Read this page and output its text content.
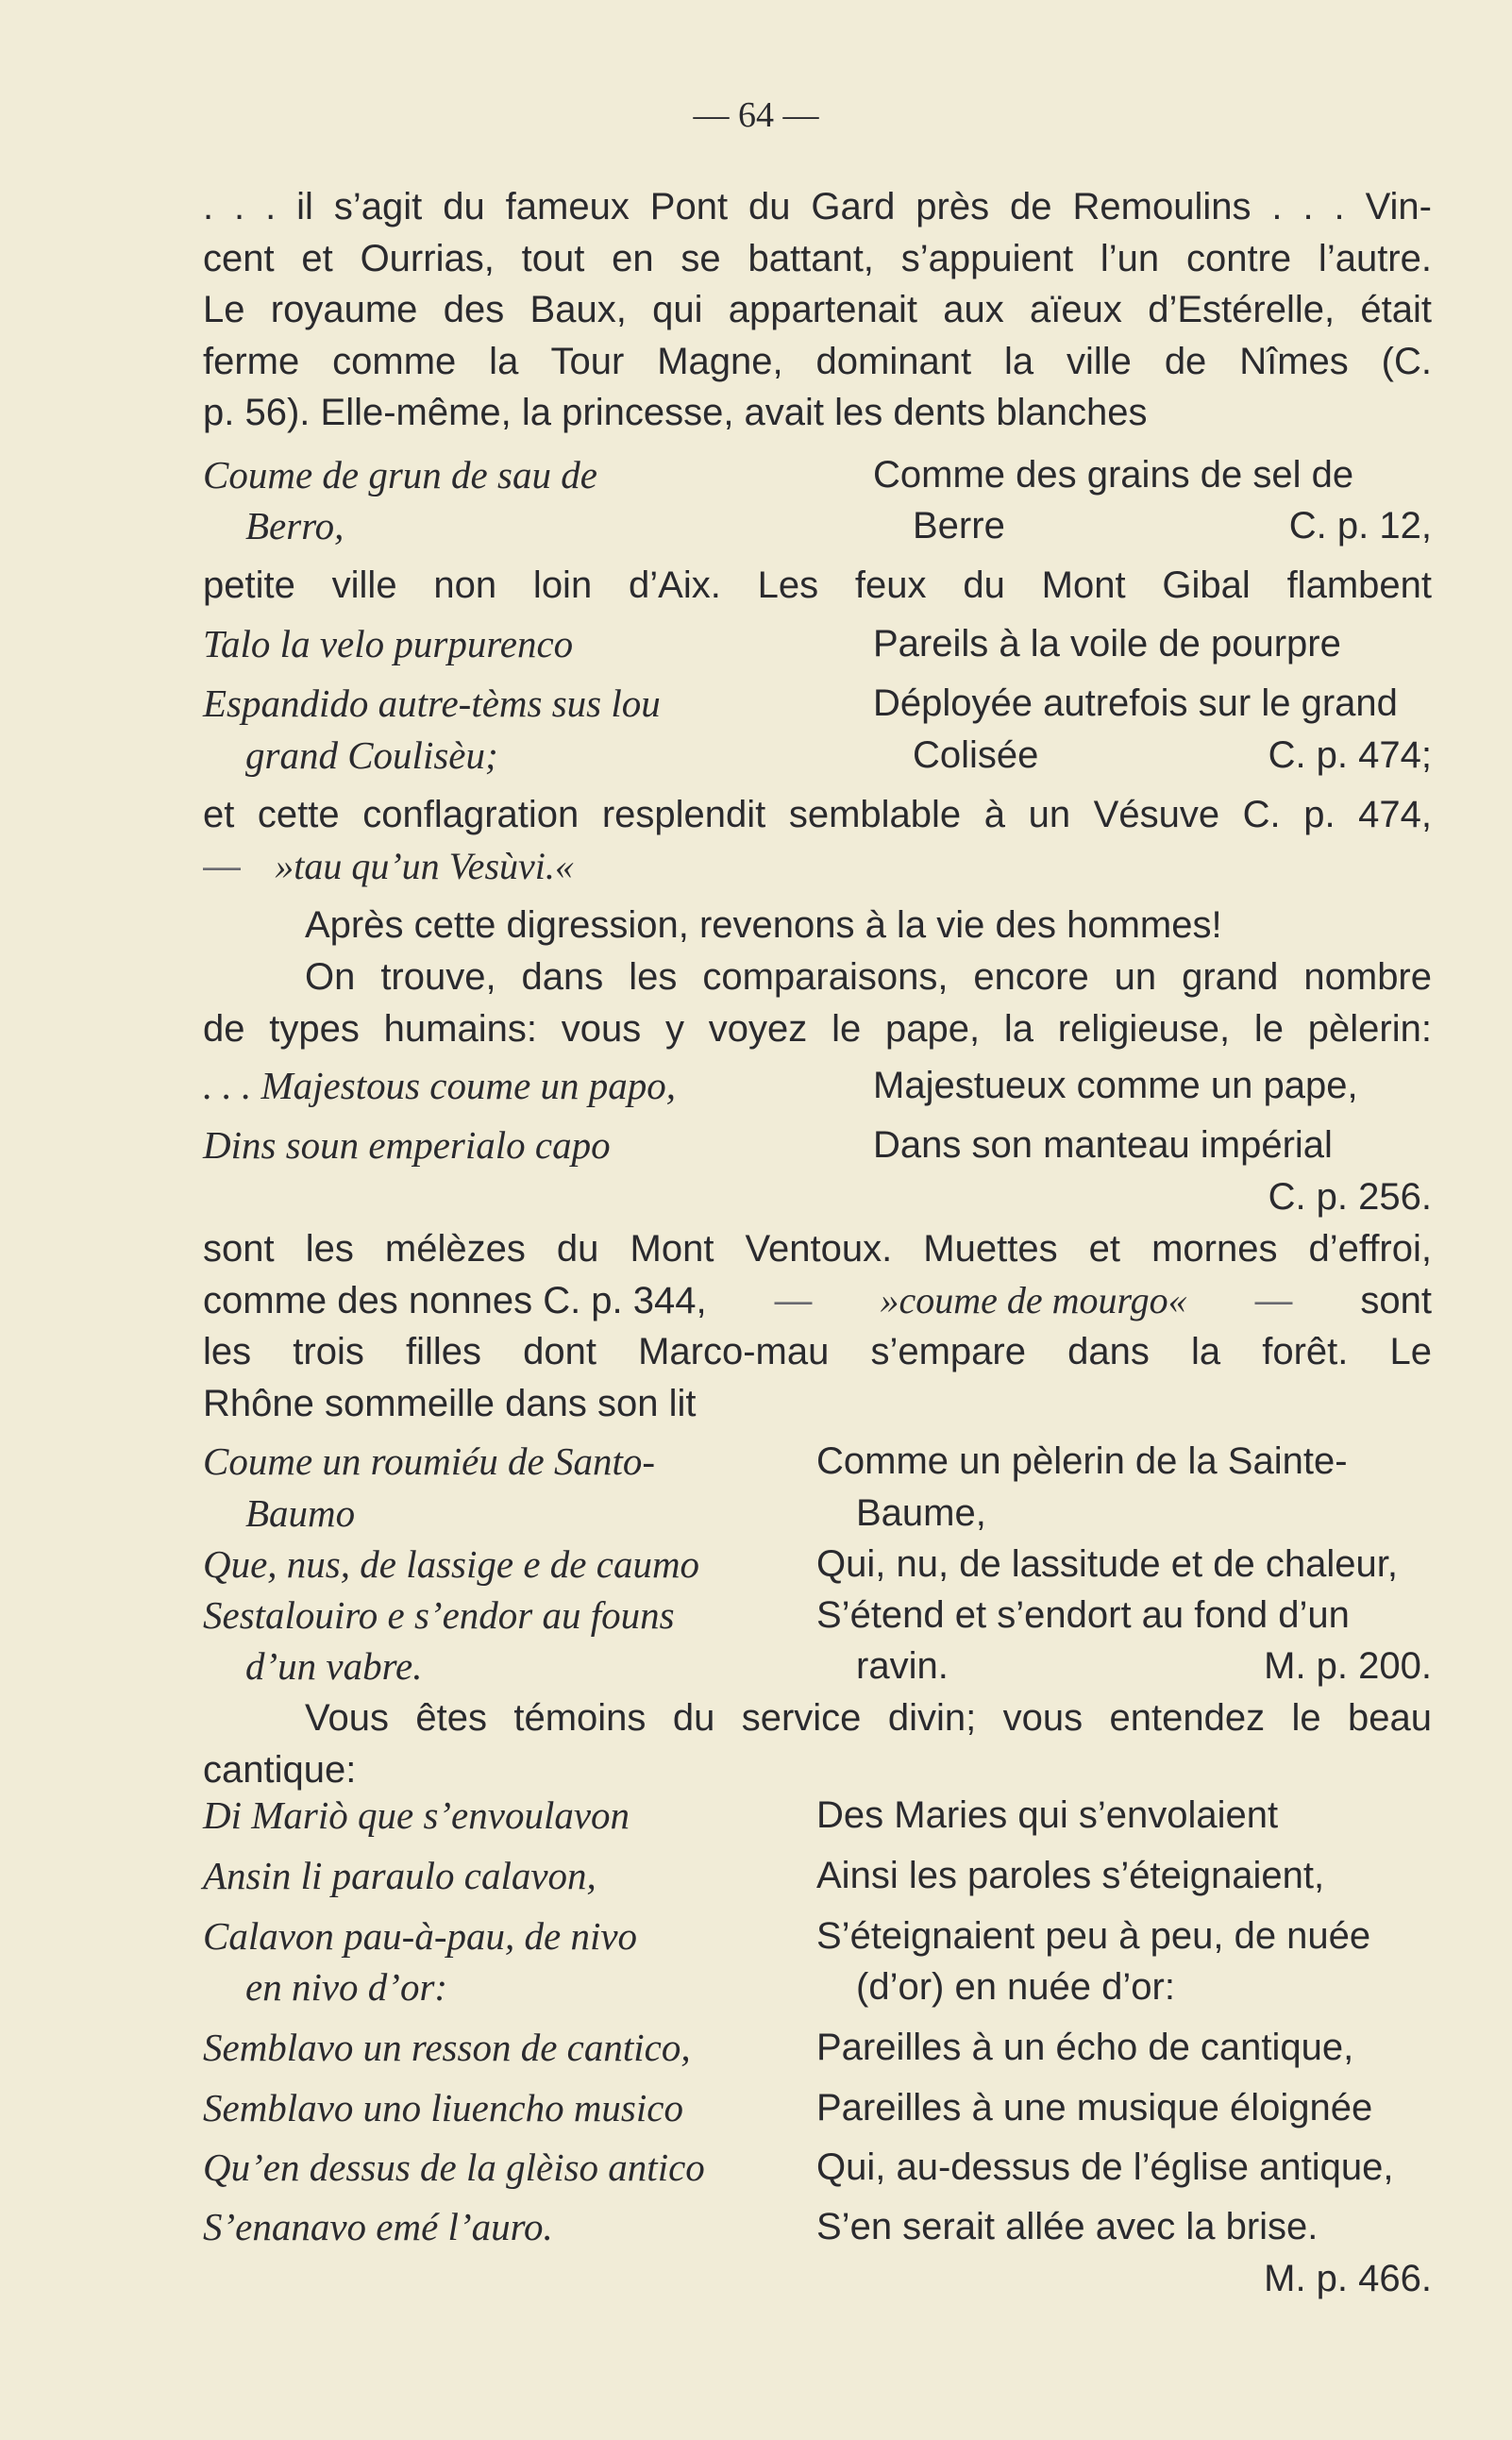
— 64 —
. . . il s’agit du fameux Pont du Gard près de Remoulins . . . Vin-
cent et Ourrias, tout en se battant, s’appuient l’un contre l’autre.
Le royaume des Baux, qui appartenait aux aïeux d’Estérelle, était
ferme comme la Tour Magne, dominant la ville de Nîmes (C.
p. 56). Elle-même, la princesse, avait les dents blanches
Coume de grun de sau de	Comme des grains de sel de
Berro,	Berre	C. p. 12,
petite ville non loin d’Aix. Les feux du Mont Gibal flambent
Talo la velo purpurenco	Pareils à la voile de pourpre
Espandido autre-tèms sus lou	Déployée autrefois sur le grand
grand Coulisèu;	Colisée	C. p. 474;
et cette conflagration resplendit semblable à un Vésuve C. p. 474,
— »tau qu’un Vesùvi.«
Après cette digression, revenons à la vie des hommes!
On trouve, dans les comparaisons, encore un grand nombre
de types humains: vous y voyez le pape, la religieuse, le pèlerin:
. . . Majestous coume un papo,	Majestueux comme un pape,
Dins soun emperialo capo	Dans son manteau impérial
C. p. 256.
sont les mélèzes du Mont Ventoux. Muettes et mornes d’effroi,
comme des nonnes C. p. 344, — »coume de mourgo« — sont
les trois filles dont Marco-mau s’empare dans la forêt. Le
Rhône sommeille dans son lit
Coume un roumiéu de Santo-	Comme un pèlerin de la Sainte-
Baumo	Baume,
Que, nus, de lassige e de caumo	Qui, nu, de lassitude et de chaleur,
Sestalouiro e s’endor au founs	S’étend et s’endort au fond d’un
d’un vabre.	ravin.	M. p. 200.
Vous êtes témoins du service divin; vous entendez le beau
cantique:
Di Mariò que s’envoulavon	Des Maries qui s’envolaient
Ansin li paraulo calavon,	Ainsi les paroles s’éteignaient,
Calavon pau-à-pau, de nivo	S’éteignaient peu à peu, de nuée
en nivo d’or:	(d’or) en nuée d’or:
Semblavo un resson de cantico,	Pareilles à un écho de cantique,
Semblavo uno liuencho musico	Pareilles à une musique éloignée
Qu’en dessus de la glèiso antico	Qui, au-dessus de l’église antique,
S’enanavo emé l’auro.	S’en serait allée avec la brise.
M. p. 466.
